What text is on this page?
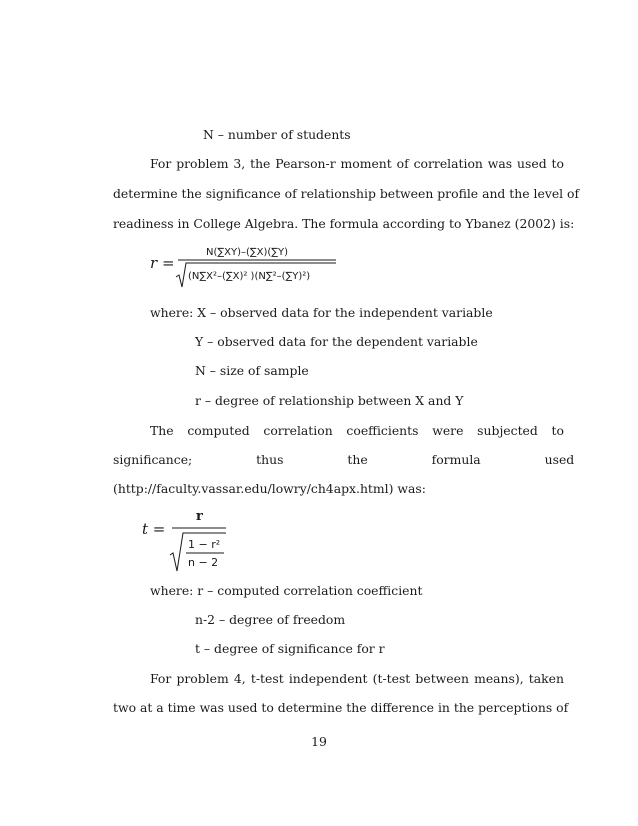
N – number of students
For problem 3, the Pearson-r moment of correlation was used to
determine the significance of relationship between profile and the level of
readiness in College Algebra. The formula according to Ybanez (2002) is:
r =
N(∑XY)–(∑X)(∑Y)
(N∑X²–(∑X)² )(N∑²–(∑Y)²)
where: X – observed data for the independent variable
Y – observed data for the dependent variable
N – size of sample
r – degree of relationship between X and Y
The computed correlation coefficients were subjected to
significance; thus the formula used
(http://faculty.vassar.edu/lowry/ch4apx.html) was:
t =
r
1 − r²
n − 2
where: r – computed correlation coefficient
n-2 – degree of freedom
t – degree of significance for r
For problem 4, t-test independent (t-test between means), taken
two at a time was used to determine the difference in the perceptions of
19
